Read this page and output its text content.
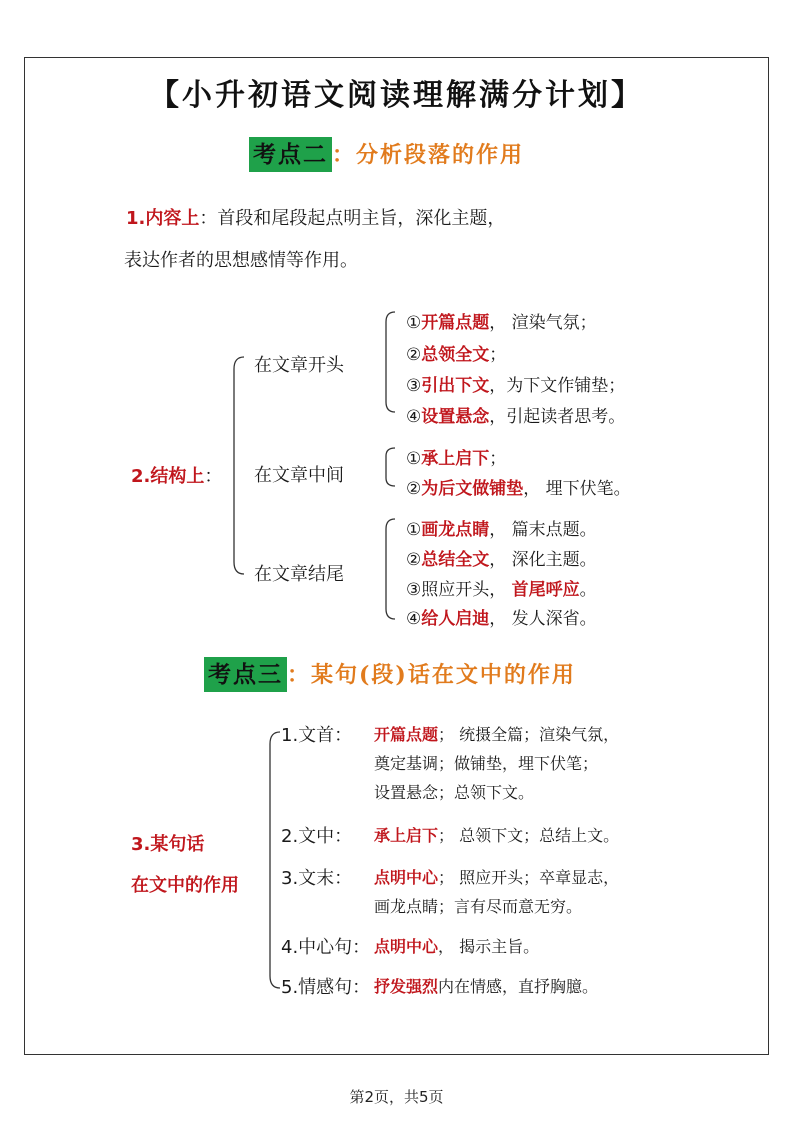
【小升初语文阅读理解满分计划】
考点二 ：分析段落的作用
1.内容上：首段和尾段起点明主旨，深化主题，
表达作者的思想感情等作用。
2.结构上：
在文章开头
在文章中间
在文章结尾
①开篇点题， 渲染气氛；
②总领全文；
③引出下文，为下文作铺垫；
④设置悬念，引起读者思考。
①承上启下；
②为后文做铺垫， 埋下伏笔。
①画龙点睛， 篇末点题。
②总结全文， 深化主题。
③照应开头， 首尾呼应。
④给人启迪， 发人深省。
考点三 ：某句(段)话在文中的作用
3.某句话
在文中的作用
1.文首： 开篇点题； 统摄全篇；渲染气氛，
奠定基调；做铺垫，埋下伏笔；
设置悬念；总领下文。
2.文中： 承上启下； 总领下文；总结上文。
3.文末： 点明中心； 照应开头；卒章显志，
画龙点睛；言有尽而意无穷。
4.中心句： 点明中心， 揭示主旨。
5.情感句： 抒发强烈内在情感，直抒胸臆。
第2页，共5页
